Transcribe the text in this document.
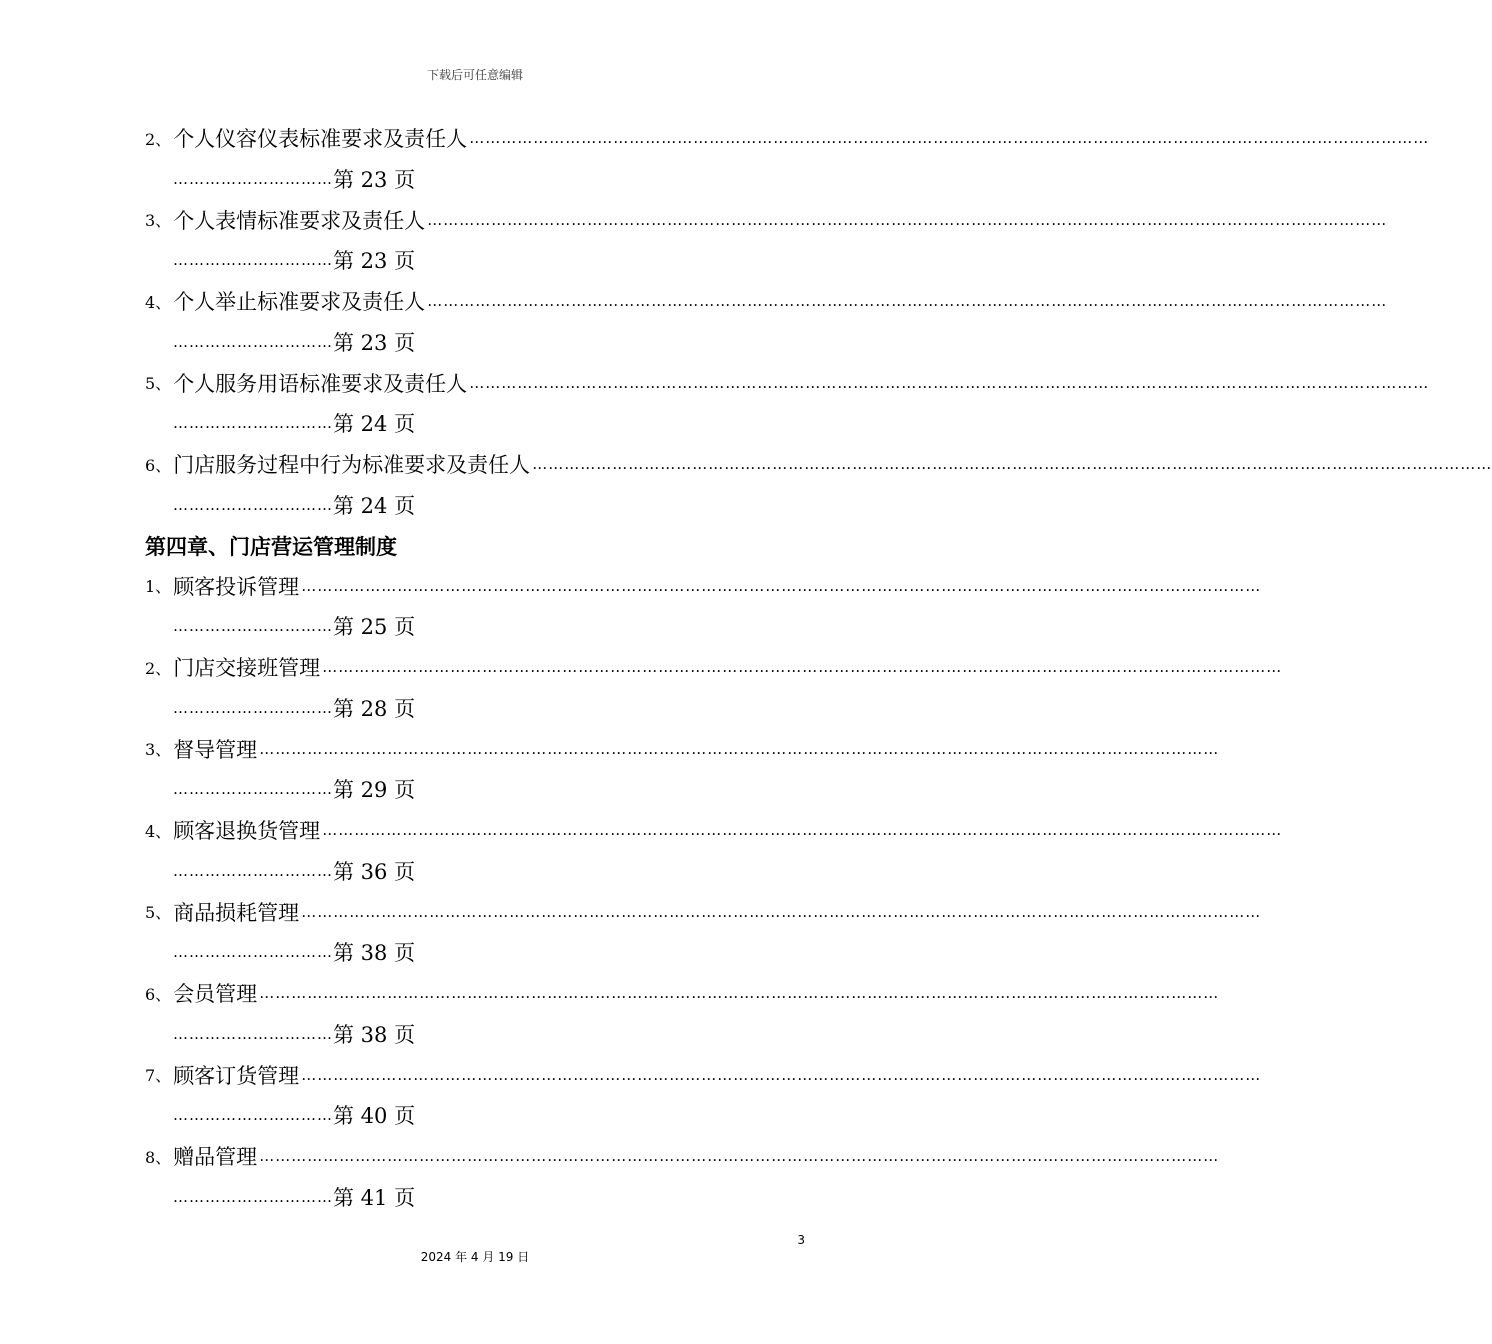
下载后可任意编辑
2、 个人仪容仪表标准要求及责任人 ………………………………………………………………………………………………………………………………………………………………
………………………… 第 23 页
3、 个人表情标准要求及责任人 ………………………………………………………………………………………………………………………………………………………………
………………………… 第 23 页
4、 个人举止标准要求及责任人 ………………………………………………………………………………………………………………………………………………………………
………………………… 第 23 页
5、 个人服务用语标准要求及责任人 ………………………………………………………………………………………………………………………………………………………………
………………………… 第 24 页
6、 门店服务过程中行为标准要求及责任人 ………………………………………………………………………………………………………………………………………………………………
………………………… 第 24 页
第四章、门店营运管理制度
1、 顾客投诉管理 ………………………………………………………………………………………………………………………………………………………………
………………………… 第 25 页
2、 门店交接班管理 ………………………………………………………………………………………………………………………………………………………………
………………………… 第 28 页
3、 督导管理 ………………………………………………………………………………………………………………………………………………………………
………………………… 第 29 页
4、 顾客退换货管理 ………………………………………………………………………………………………………………………………………………………………
………………………… 第 36 页
5、 商品损耗管理 ………………………………………………………………………………………………………………………………………………………………
………………………… 第 38 页
6、 会员管理 ………………………………………………………………………………………………………………………………………………………………
………………………… 第 38 页
7、 顾客订货管理 ………………………………………………………………………………………………………………………………………………………………
………………………… 第 40 页
8、 赠品管理 ………………………………………………………………………………………………………………………………………………………………
………………………… 第 41 页
3
2024 年 4 月 19 日
